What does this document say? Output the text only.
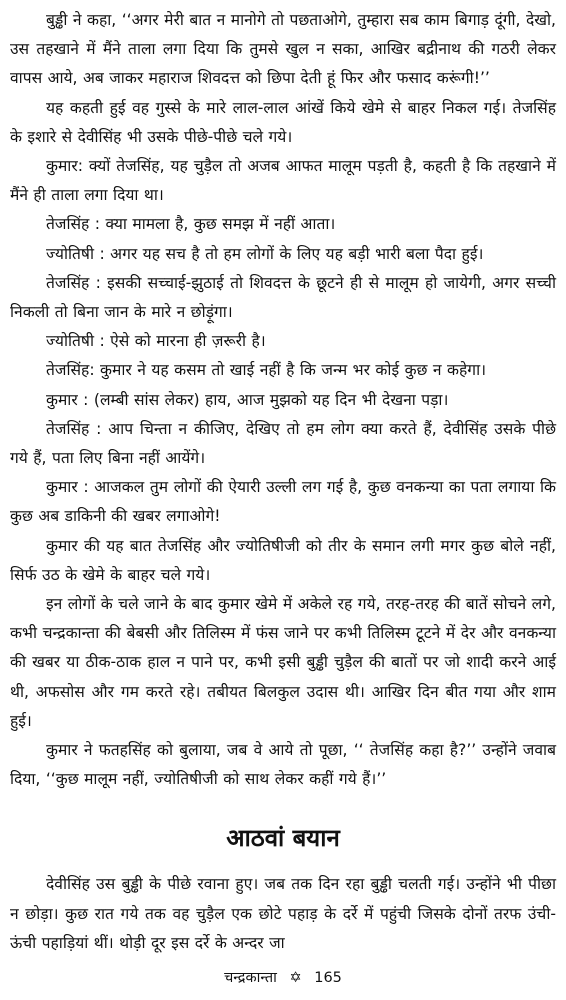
बुड्ढी ने कहा, ‘‘अगर मेरी बात न मानोगे तो पछताओगे, तुम्हारा सब काम बिगाड़ दूंगी, देखो, उस तहखाने में मैंने ताला लगा दिया कि तुमसे खुल न सका, आखिर बद्रीनाथ की गठरी लेकर वापस आये, अब जाकर महाराज शिवदत्त को छिपा देती हूं फिर और फसाद करूंगी!’’

यह कहती हुई वह गुस्से के मारे लाल-लाल आंखें किये खेमे से बाहर निकल गई। तेजसिंह के इशारे से देवीसिंह भी उसके पीछे-पीछे चले गये।

कुमार: क्यों तेजसिंह, यह चुड़ैल तो अजब आफत मालूम पड़ती है, कहती है कि तहखाने में मैंने ही ताला लगा दिया था।

तेजसिंह : क्या मामला है, कुछ समझ में नहीं आता।

ज्योतिषी : अगर यह सच है तो हम लोगों के लिए यह बड़ी भारी बला पैदा हुई।

तेजसिंह : इसकी सच्चाई-झुठाई तो शिवदत्त के छूटने ही से मालूम हो जायेगी, अगर सच्ची निकली तो बिना जान के मारे न छोड़ूंगा।

ज्योतिषी : ऐसे को मारना ही ज़रूरी है।

तेजसिंह: कुमार ने यह कसम तो खाई नहीं है कि जन्म भर कोई कुछ न कहेगा।

कुमार : (लम्बी सांस लेकर) हाय, आज मुझको यह दिन भी देखना पड़ा।

तेजसिंह : आप चिन्ता न कीजिए, देखिए तो हम लोग क्या करते हैं, देवीसिंह उसके पीछे गये हैं, पता लिए बिना नहीं आयेंगे।

कुमार : आजकल तुम लोगों की ऐयारी उल्ली लग गई है, कुछ वनकन्या का पता लगाया कि कुछ अब डाकिनी की खबर लगाओगे!

कुमार की यह बात तेजसिंह और ज्योतिषीजी को तीर के समान लगी मगर कुछ बोले नहीं, सिर्फ उठ के खेमे के बाहर चले गये।

इन लोगों के चले जाने के बाद कुमार खेमे में अकेले रह गये, तरह-तरह की बातें सोचने लगे, कभी चन्द्रकान्ता की बेबसी और तिलिस्म में फंस जाने पर कभी तिलिस्म टूटने में देर और वनकन्या की खबर या ठीक-ठाक हाल न पाने पर, कभी इसी बुड्ढी चुड़ैल की बातों पर जो शादी करने आई थी, अफसोस और गम करते रहे। तबीयत बिलकुल उदास थी। आखिर दिन बीत गया और शाम हुई।

कुमार ने फतहसिंह को बुलाया, जब वे आये तो पूछा, ‘‘ तेजसिंह कहा है?’’ उन्होंने जवाब दिया, ‘‘कुछ मालूम नहीं, ज्योतिषीजी को साथ लेकर कहीं गये हैं।’’

आठवां बयान

देवीसिंह उस बुड्ढी के पीछे रवाना हुए। जब तक दिन रहा बुड्ढी चलती गई। उन्होंने भी पीछा न छोड़ा। कुछ रात गये तक वह चुड़ैल एक छोटे पहाड़ के दर्रे में पहुंची जिसके दोनों तरफ उंची-ऊंची पहाड़ियां थीं। थोड़ी दूर इस दर्रे के अन्दर जा

चन्द्रकान्ता ✡ 165
